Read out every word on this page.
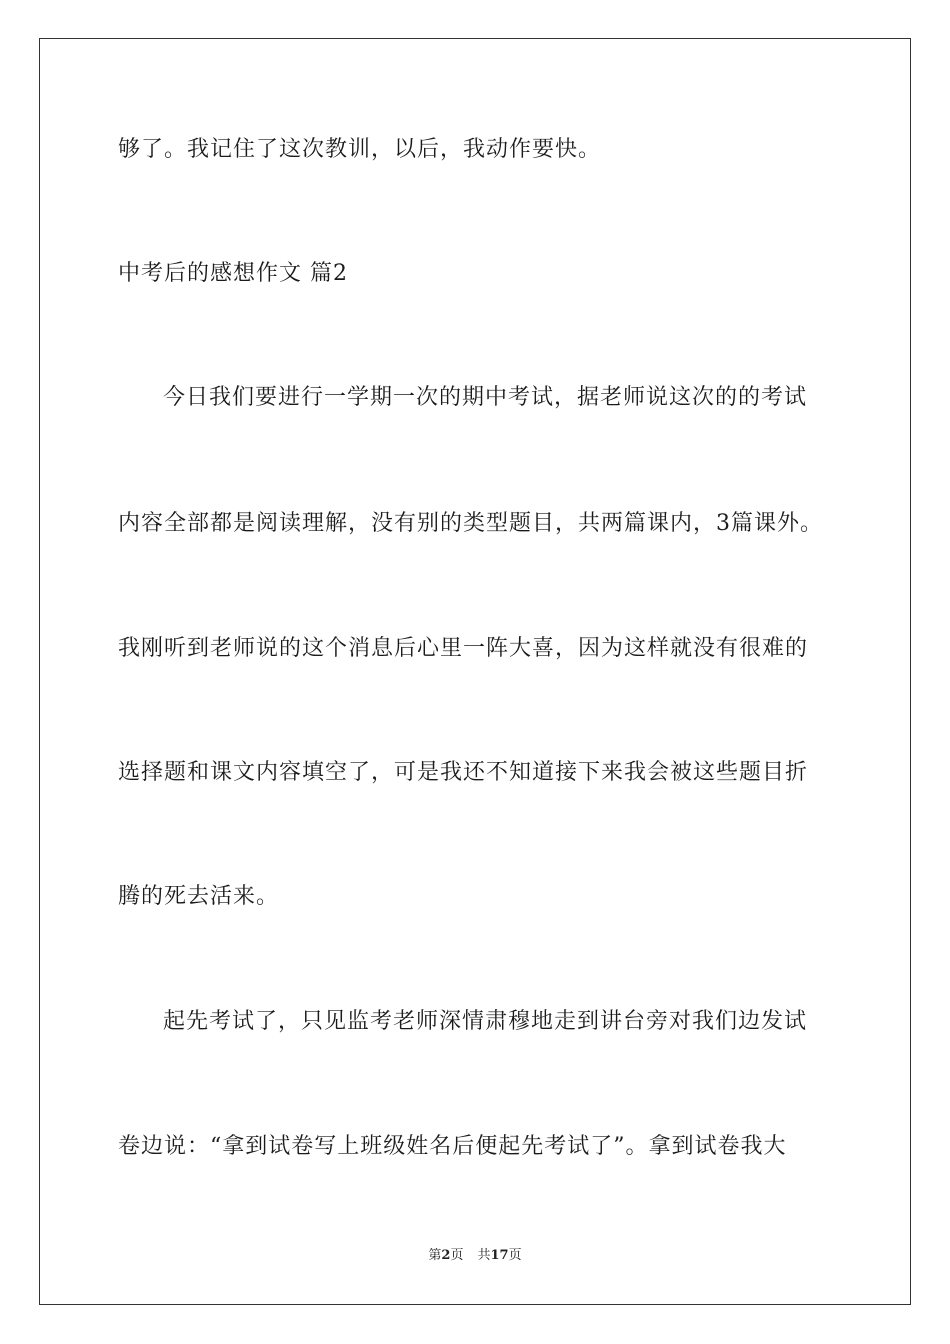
够了。我记住了这次教训，以后，我动作要快。
中考后的感想作文 篇2
今日我们要进行一学期一次的期中考试，据老师说这次的的考试
内容全部都是阅读理解，没有别的类型题目，共两篇课内，3篇课外。
我刚听到老师说的这个消息后心里一阵大喜，因为这样就没有很难的
选择题和课文内容填空了，可是我还不知道接下来我会被这些题目折
腾的死去活来。
起先考试了，只见监考老师深情肃穆地走到讲台旁对我们边发试
卷边说：“拿到试卷写上班级姓名后便起先考试了”。拿到试卷我大
第2页 共17页
